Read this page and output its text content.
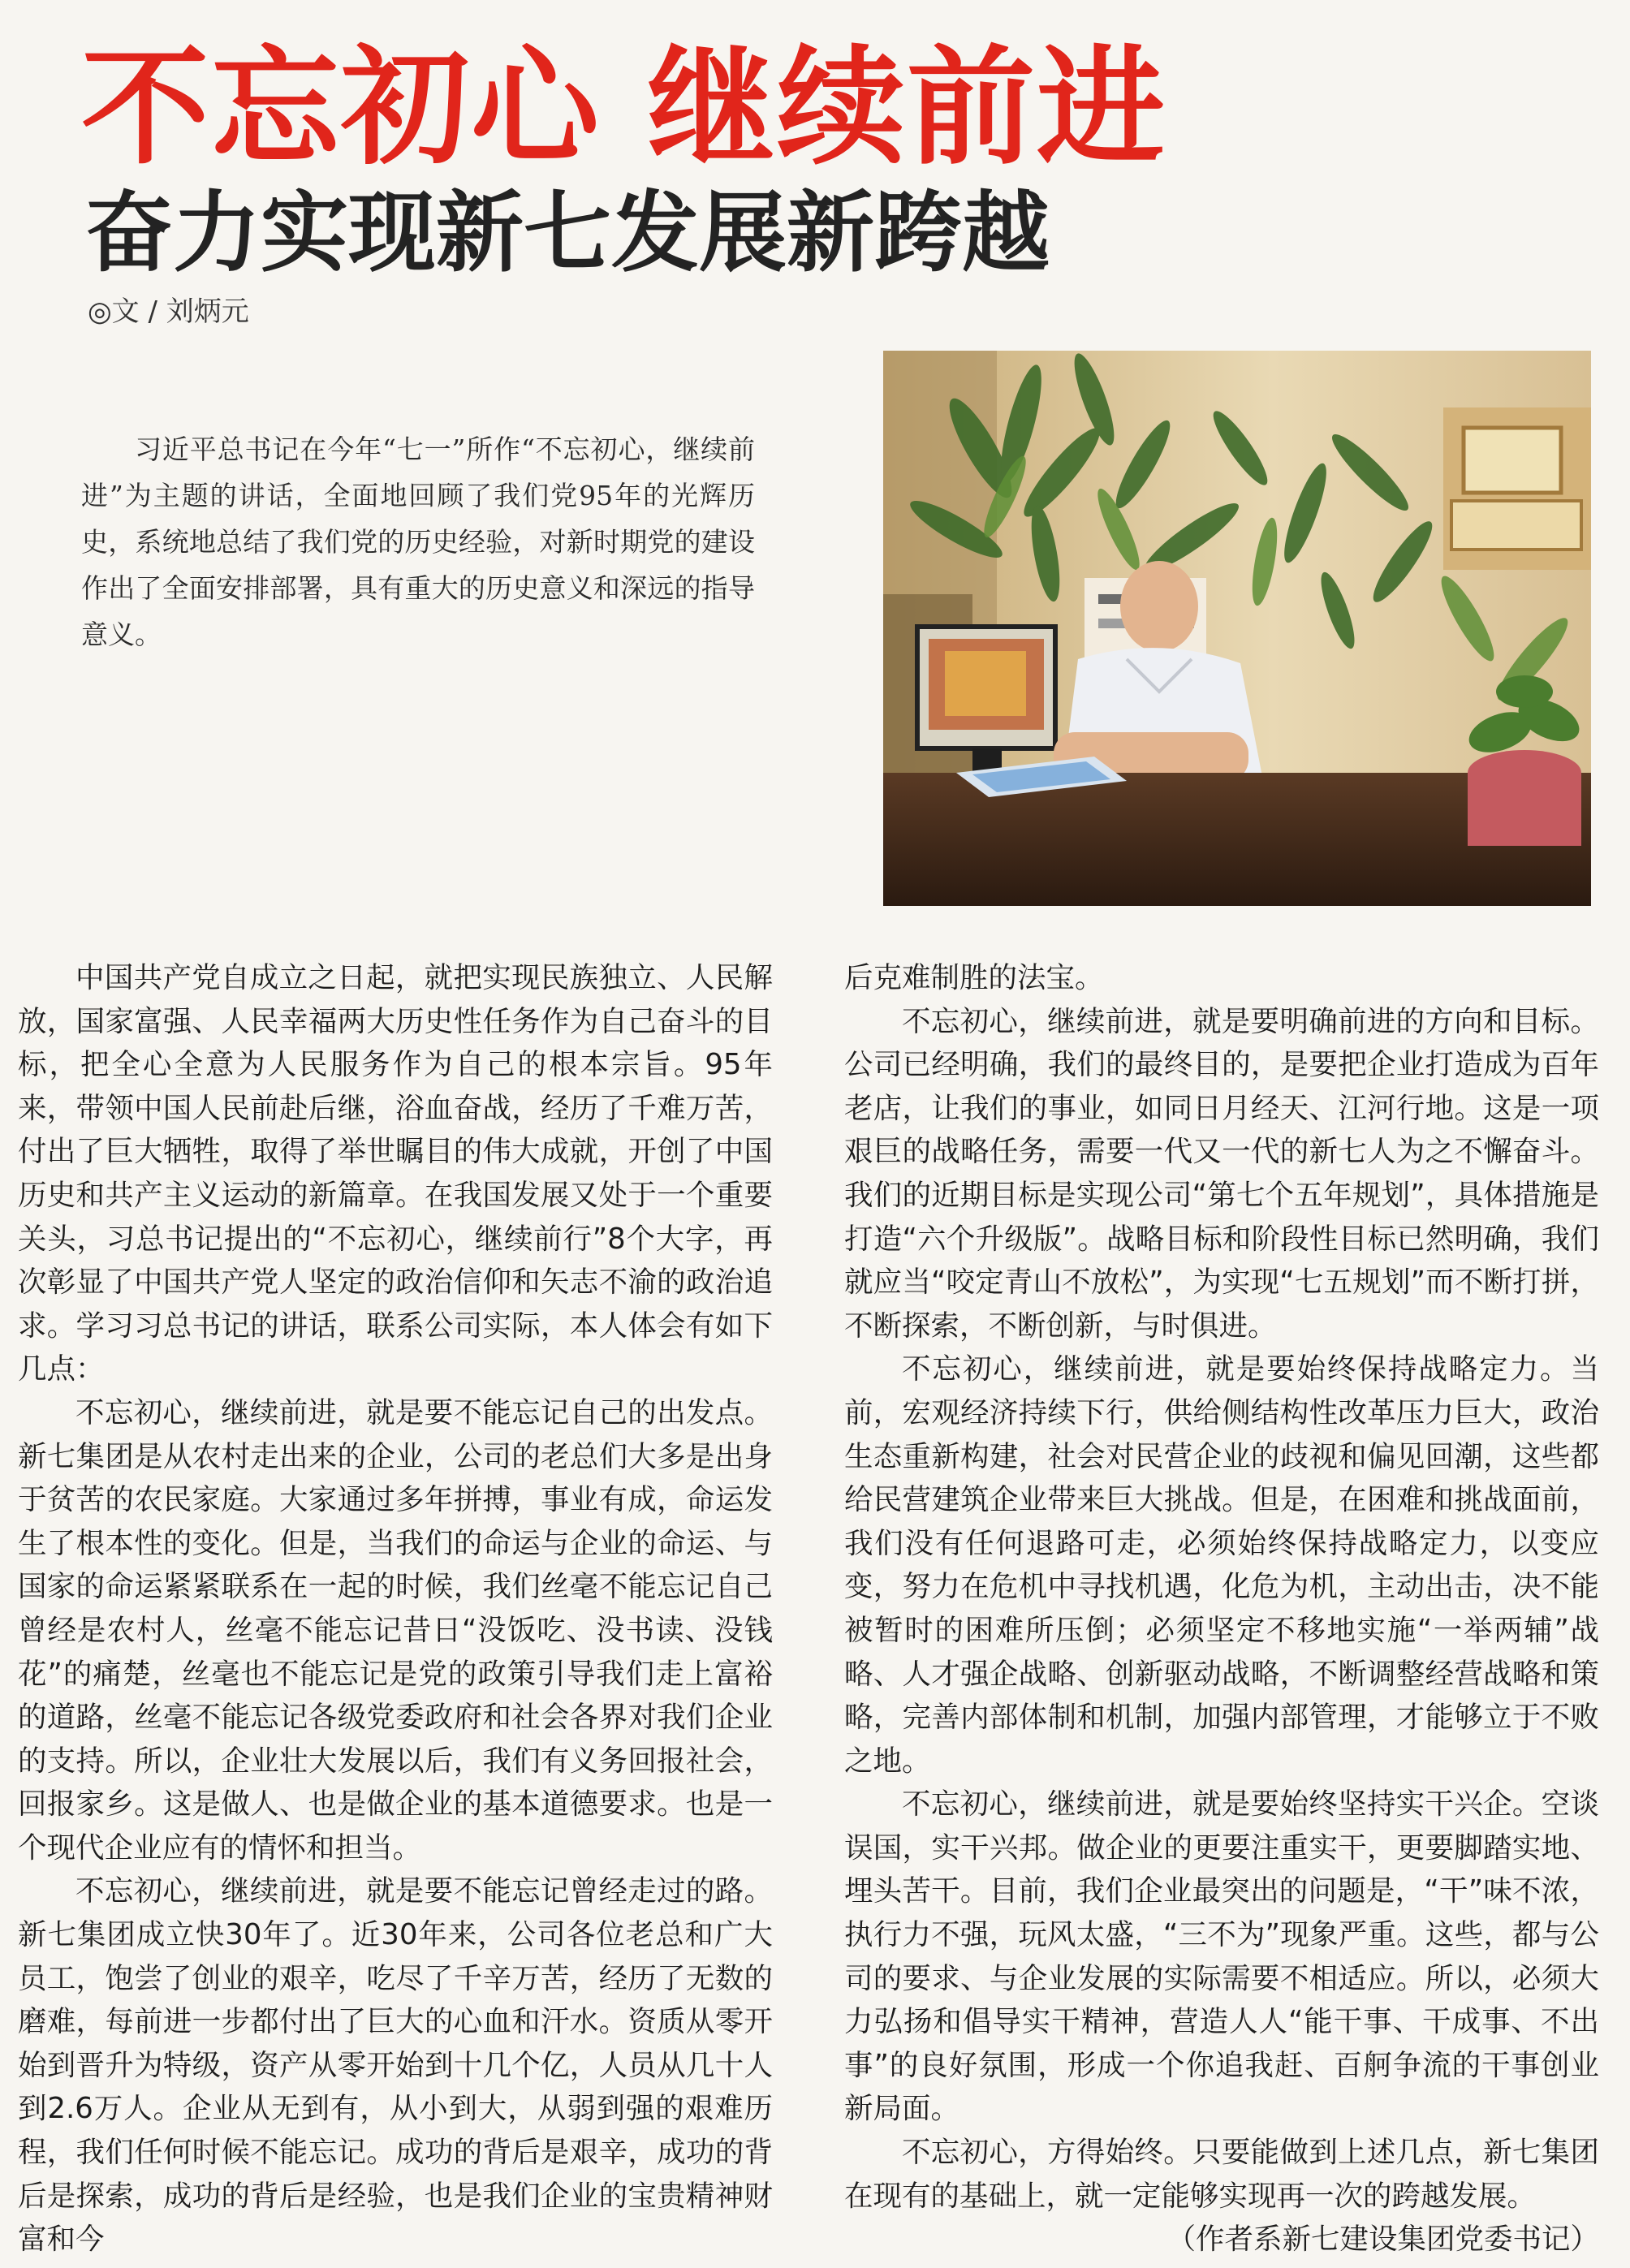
不忘初心 继续前进
奋力实现新七发展新跨越
◎文 / 刘炳元

习近平总书记在今年“七一”所作“不忘初心，继续前进”为主题的讲话，全面地回顾了我们党95年的光辉历史，系统地总结了我们党的历史经验，对新时期党的建设作出了全面安排部署，具有重大的历史意义和深远的指导意义。

中国共产党自成立之日起，就把实现民族独立、人民解放，国家富强、人民幸福两大历史性任务作为自己奋斗的目标，把全心全意为人民服务作为自己的根本宗旨。95年来，带领中国人民前赴后继，浴血奋战，经历了千难万苦，付出了巨大牺牲，取得了举世瞩目的伟大成就，开创了中国历史和共产主义运动的新篇章。在我国发展又处于一个重要关头，习总书记提出的“不忘初心，继续前行”8个大字，再次彰显了中国共产党人坚定的政治信仰和矢志不渝的政治追求。学习习总书记的讲话，联系公司实际，本人体会有如下几点：

不忘初心，继续前进，就是要不能忘记自己的出发点。新七集团是从农村走出来的企业，公司的老总们大多是出身于贫苦的农民家庭。大家通过多年拼搏，事业有成，命运发生了根本性的变化。但是，当我们的命运与企业的命运、与国家的命运紧紧联系在一起的时候，我们丝毫不能忘记自己曾经是农村人，丝毫不能忘记昔日“没饭吃、没书读、没钱花”的痛楚，丝毫也不能忘记是党的政策引导我们走上富裕的道路，丝毫不能忘记各级党委政府和社会各界对我们企业的支持。所以，企业壮大发展以后，我们有义务回报社会，回报家乡。这是做人、也是做企业的基本道德要求。也是一个现代企业应有的情怀和担当。

不忘初心，继续前进，就是要不能忘记曾经走过的路。新七集团成立快30年了。近30年来，公司各位老总和广大员工，饱尝了创业的艰辛，吃尽了千辛万苦，经历了无数的磨难，每前进一步都付出了巨大的心血和汗水。资质从零开始到晋升为特级，资产从零开始到十几个亿，人员从几十人到2.6万人。企业从无到有，从小到大，从弱到强的艰难历程，我们任何时候不能忘记。成功的背后是艰辛，成功的背后是探索，成功的背后是经验，也是我们企业的宝贵精神财富和今

后克难制胜的法宝。

不忘初心，继续前进，就是要明确前进的方向和目标。公司已经明确，我们的最终目的，是要把企业打造成为百年老店，让我们的事业，如同日月经天、江河行地。这是一项艰巨的战略任务，需要一代又一代的新七人为之不懈奋斗。我们的近期目标是实现公司“第七个五年规划”，具体措施是打造“六个升级版”。战略目标和阶段性目标已然明确，我们就应当“咬定青山不放松”，为实现“七五规划”而不断打拼，不断探索，不断创新，与时俱进。

不忘初心，继续前进，就是要始终保持战略定力。当前，宏观经济持续下行，供给侧结构性改革压力巨大，政治生态重新构建，社会对民营企业的歧视和偏见回潮，这些都给民营建筑企业带来巨大挑战。但是，在困难和挑战面前，我们没有任何退路可走，必须始终保持战略定力，以变应变，努力在危机中寻找机遇，化危为机，主动出击，决不能被暂时的困难所压倒；必须坚定不移地实施“一举两辅”战略、人才强企战略、创新驱动战略，不断调整经营战略和策略，完善内部体制和机制，加强内部管理，才能够立于不败之地。

不忘初心，继续前进，就是要始终坚持实干兴企。空谈误国，实干兴邦。做企业的更要注重实干，更要脚踏实地、埋头苦干。目前，我们企业最突出的问题是，“干”味不浓，执行力不强，玩风太盛，“三不为”现象严重。这些，都与公司的要求、与企业发展的实际需要不相适应。所以，必须大力弘扬和倡导实干精神，营造人人“能干事、干成事、不出事”的良好氛围，形成一个你追我赶、百舸争流的干事创业新局面。

不忘初心，方得始终。只要能做到上述几点，新七集团在现有的基础上，就一定能够实现再一次的跨越发展。

（作者系新七建设集团党委书记）
